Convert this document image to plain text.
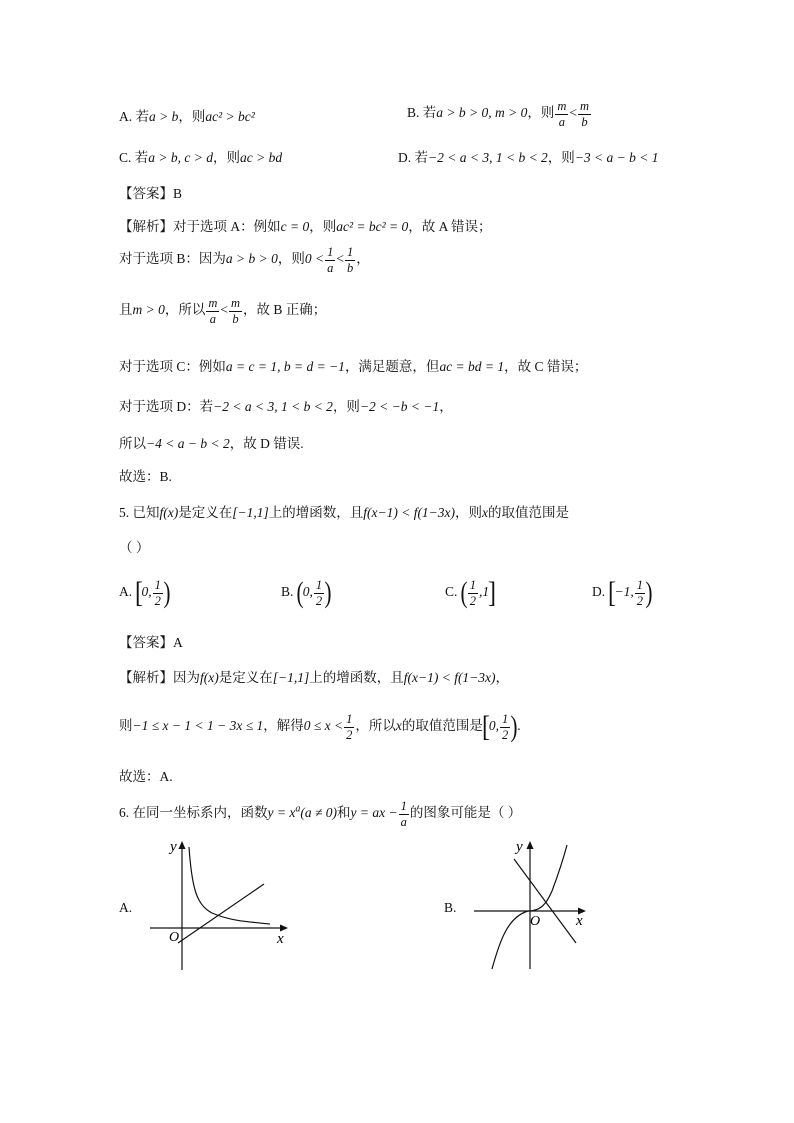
A. 若a > b，则ac² > bc²	B. 若a > b > 0, m > 0，则 $\frac{m}{a} < \frac{m}{b}$
C. 若a > b, c > d，则ac > bd	D. 若−2 < a < 3, 1 < b < 2，则−3 < a − b < 1
【答案】B
【解析】对于选项 A：例如c = 0，则ac² = bc² = 0，故 A 错误；
对于选项 B：因为a > b > 0，则$0 < \frac{1}{a} < \frac{1}{b}$ ，
且m > 0，所以 $\frac{m}{a} < \frac{m}{b}$ ，故 B 正确；
对于选项 C：例如a = c = 1, b = d = −1，满足题意，但ac = bd = 1，故 C 错误；
对于选项 D：若−2 < a < 3, 1 < b < 2，则−2 < −b < −1，
所以−4 < a − b < 2，故 D 错误.
故选：B.
5. 已知f(x)是定义在[−1,1]上的增函数，且f(x−1) < f(1−3x)，则x的取值范围是
（ ）
A. [0, $\frac{1}{2}$ )	B. (0, $\frac{1}{2}$ )	C. ( $\frac{1}{2} ,1$]	D. [−1, $\frac{1}{2}$ )
【答案】A
【解析】因为f(x)是定义在[−1,1]上的增函数，且f(x−1) < f(1−3x)，
则−1 ≤ x − 1 < 1 − 3x ≤ 1，解得$0 \le x < \frac{1}{2}$ ，所以x的取值范围是[0, $\frac{1}{2}$ ).
故选：A.
6. 在同一坐标系内，函数$y = x^a(a \ne 0)$和y = ax − $\frac{1}{a}$ 的图象可能是（ ）
A.	B.
O	x
y
O x
y
